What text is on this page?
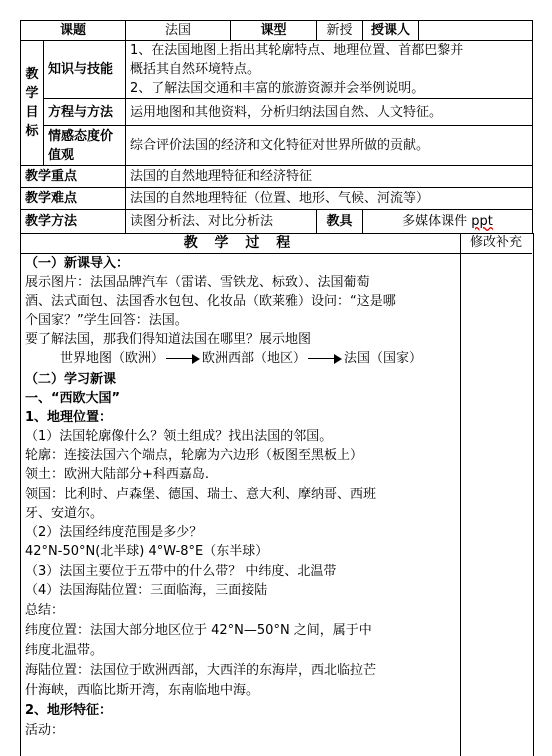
课题		法国	课型	新授	授课人	

教
学
目
标	知识与技能	1、在法国地图上指出其轮廓特点、地理位置、首都巴黎并
概括其自然环境特点。
2、了解法国交通和丰富的旅游资源并会举例说明。				

	方程与方法	运用地图和其他资料，分析归纳法国自然、人文特征。				

	情感态度价
值观	综合评价法国的经济和文化特征对世界所做的贡献。				
教学重点		法国的自然地理特征和经济特征				
教学难点		法国的自然地理特征（位置、地形、气候、河流等）				
教学方法		读图分析法、对比分析法		教具	多媒体课件 ppt	
教 学 过 程	修改补充
（一）新课导入：
展示图片：法国品牌汽车（雷诺、雪铁龙、标致）、法国葡萄
酒、法式面包、法国香水包包、化妆品（欧莱雅）设问：“这是哪
个国家？”学生回答：法国。
要了解法国，那我们得知道法国在哪里？展示地图
世界地图（欧洲）	欧洲西部（地区）	法国（国家）
（二）学习新课
一、“西欧大国”
1、地理位置：
（1）法国轮廓像什么？领土组成？找出法国的邻国。
轮廓：连接法国六个端点，轮廓为六边形（板图至黑板上）
领土：欧洲大陆部分+科西嘉岛.
领国：比利时、卢森堡、德国、瑞士、意大利、摩纳哥、西班
牙、安道尔。
（2）法国经纬度范围是多少？
42°N-50°N(北半球) 4°W-8°E（东半球）
（3）法国主要位于五带中的什么带？ 中纬度、北温带
（4）法国海陆位置：三面临海，三面接陆
总结：
纬度位置：法国大部分地区位于 42°N—50°N 之间，属于中
纬度北温带。
海陆位置：法国位于欧洲西部，大西洋的东海岸，西北临拉芒
什海峡，西临比斯开湾，东南临地中海。
2、地形特征：
活动：
